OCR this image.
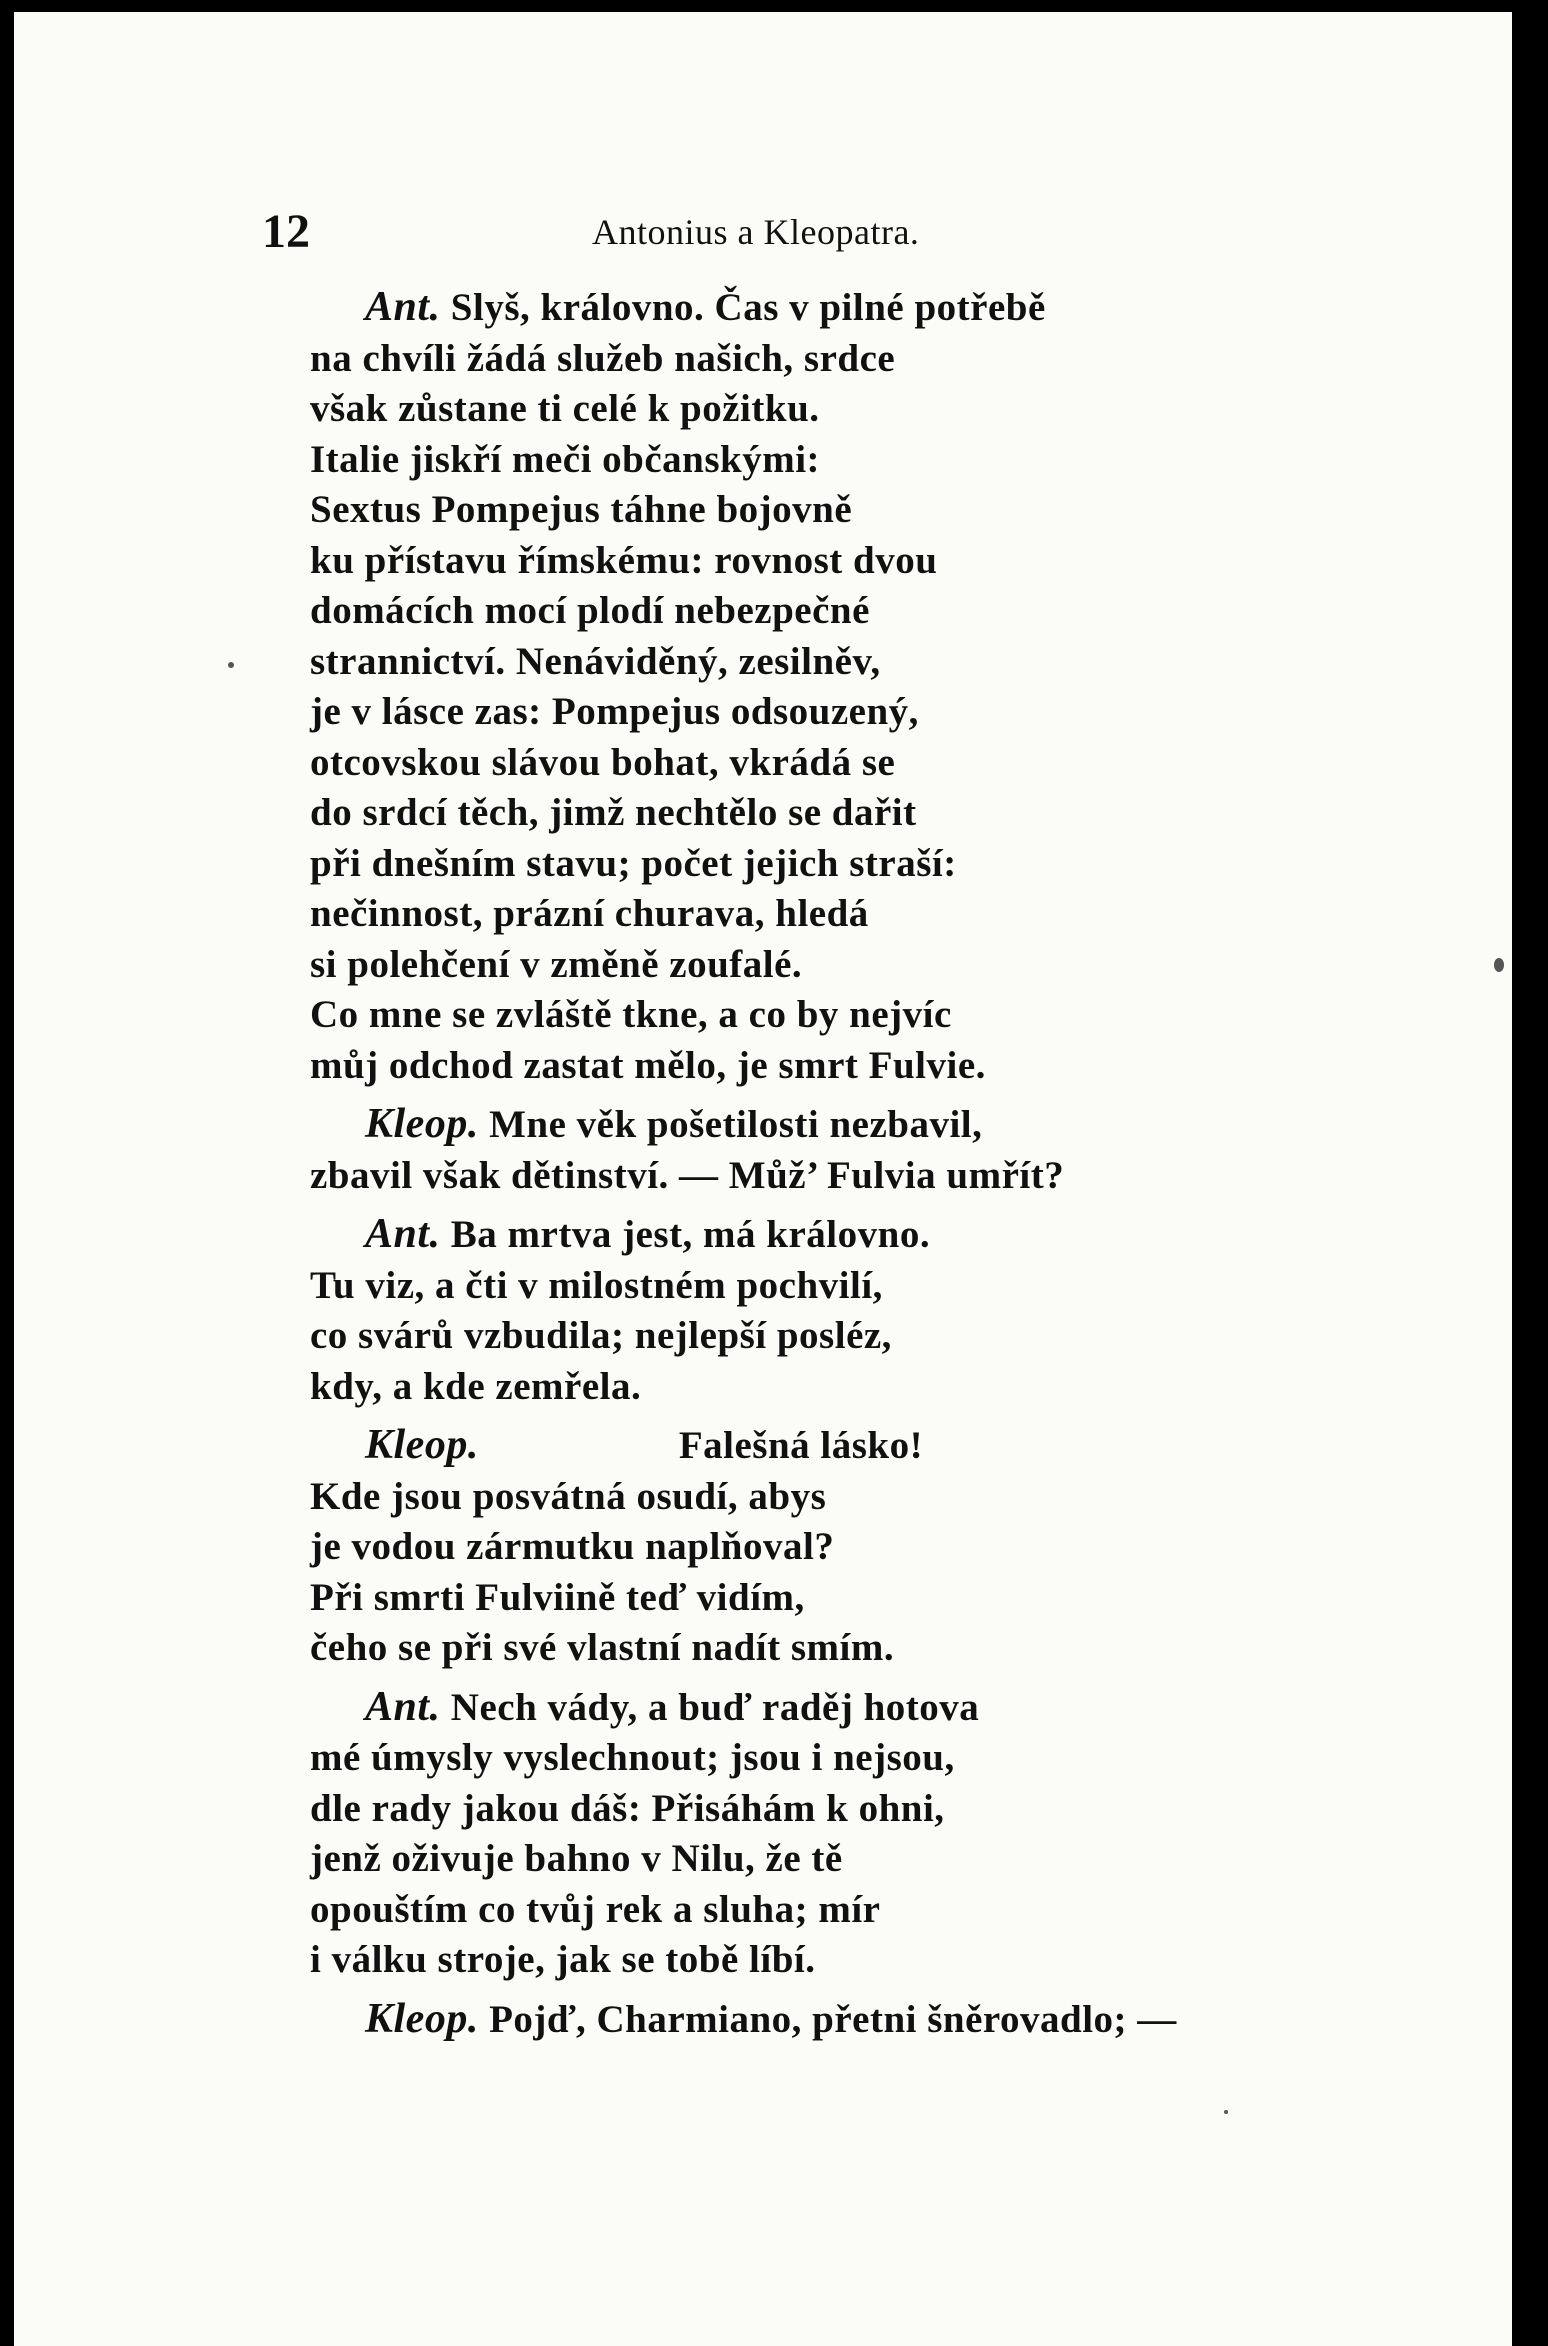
12	Antonius a Kleopatra.
Ant. Slyš, královno. Čas v pilné potřebě
na chvíli žádá služeb našich, srdce
však zůstane ti celé k požitku.
Italie jiskří meči občanskými:
Sextus Pompejus táhne bojovně
ku přístavu římskému: rovnost dvou
domácích mocí plodí nebezpečné
strannictví. Nenáviděný, zesilněv,
je v lásce zas: Pompejus odsouzený,
otcovskou slávou bohat, vkrádá se
do srdcí těch, jimž nechtělo se dařit
při dnešním stavu; počet jejich straší:
nečinnost, prázní churava, hledá
si polehčení v změně zoufalé.
Co mne se zvláště tkne, a co by nejvíc
můj odchod zastat mělo, je smrt Fulvie.
Kleop. Mne věk pošetilosti nezbavil,
zbavil však dětinství. — Můž’ Fulvia umřít?
Ant. Ba mrtva jest, má královno.
Tu viz, a čti v milostném pochvilí,
co svárů vzbudila; nejlepší posléz,
kdy, a kde zemřela.
Kleop.	Falešná lásko!
Kde jsou posvátná osudí, abys
je vodou zármutku naplňoval?
Při smrti Fulviině teď vidím,
čeho se při své vlastní nadít smím.
Ant. Nech vády, a buď raděj hotova
mé úmysly vyslechnout; jsou i nejsou,
dle rady jakou dáš: Přisáhám k ohni,
jenž oživuje bahno v Nilu, že tě
opouštím co tvůj rek a sluha; mír
i válku stroje, jak se tobě líbí.
Kleop. Pojď, Charmiano, přetni šněrovadlo; —
